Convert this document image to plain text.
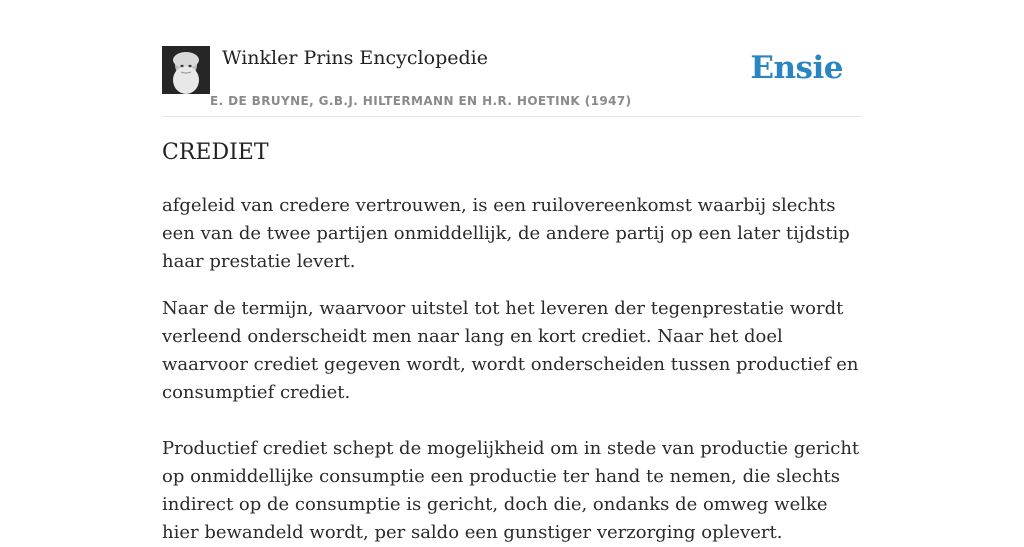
Winkler Prins Encyclopedie
E. DE BRUYNE, G.B.J. HILTERMANN EN H.R. HOETINK (1947)
Ensie
CREDIET

afgeleid van credere vertrouwen, is een ruilovereenkomst waarbij slechts een van de twee partijen onmiddellijk, de andere partij op een later tijdstip haar prestatie levert.

Naar de termijn, waarvoor uitstel tot het leveren der tegenprestatie wordt verleend onderscheidt men naar lang en kort crediet. Naar het doel waarvoor crediet gegeven wordt, wordt onderscheiden tussen productief en consumptief crediet.

Productief crediet schept de mogelijkheid om in stede van productie gericht op onmiddellijke consumptie een productie ter hand te nemen, die slechts indirect op de consumptie is gericht, doch die, ondanks de omweg welke hier bewandeld wordt, per saldo een gunstiger verzorging oplevert.
